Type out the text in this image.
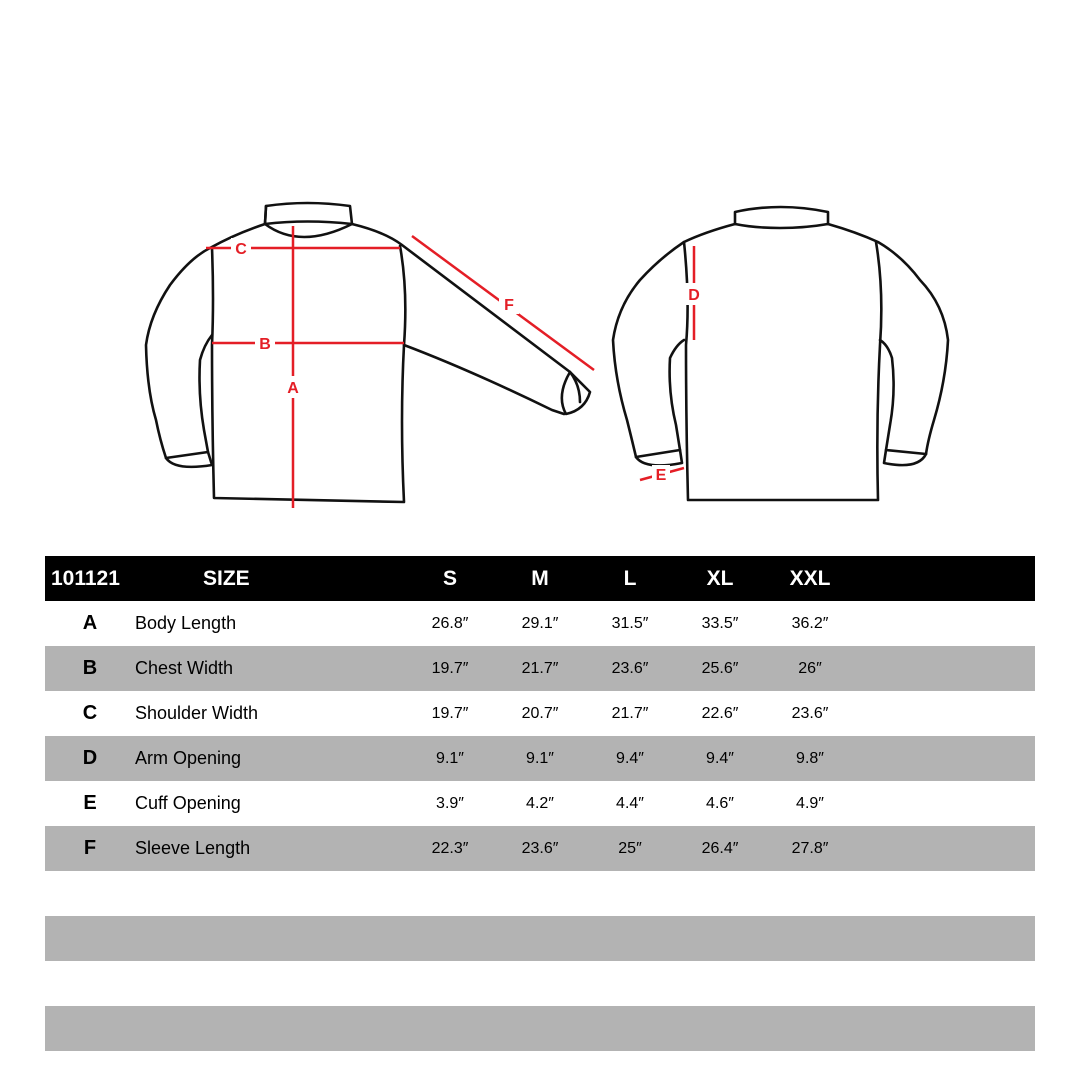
C
B
A
F
D
E
101121	SIZE	S	M	L	XL	XXL
A	Body Length	26.8″	29.1″	31.5″	33.5″	36.2″
B	Chest Width	19.7″	21.7″	23.6″	25.6″	26″
C	Shoulder Width	19.7″	20.7″	21.7″	22.6″	23.6″
D	Arm Opening	9.1″	9.1″	9.4″	9.4″	9.8″
E	Cuff Opening	3.9″	4.2″	4.4″	4.6″	4.9″
F	Sleeve Length	22.3″	23.6″	25″	26.4″	27.8″
